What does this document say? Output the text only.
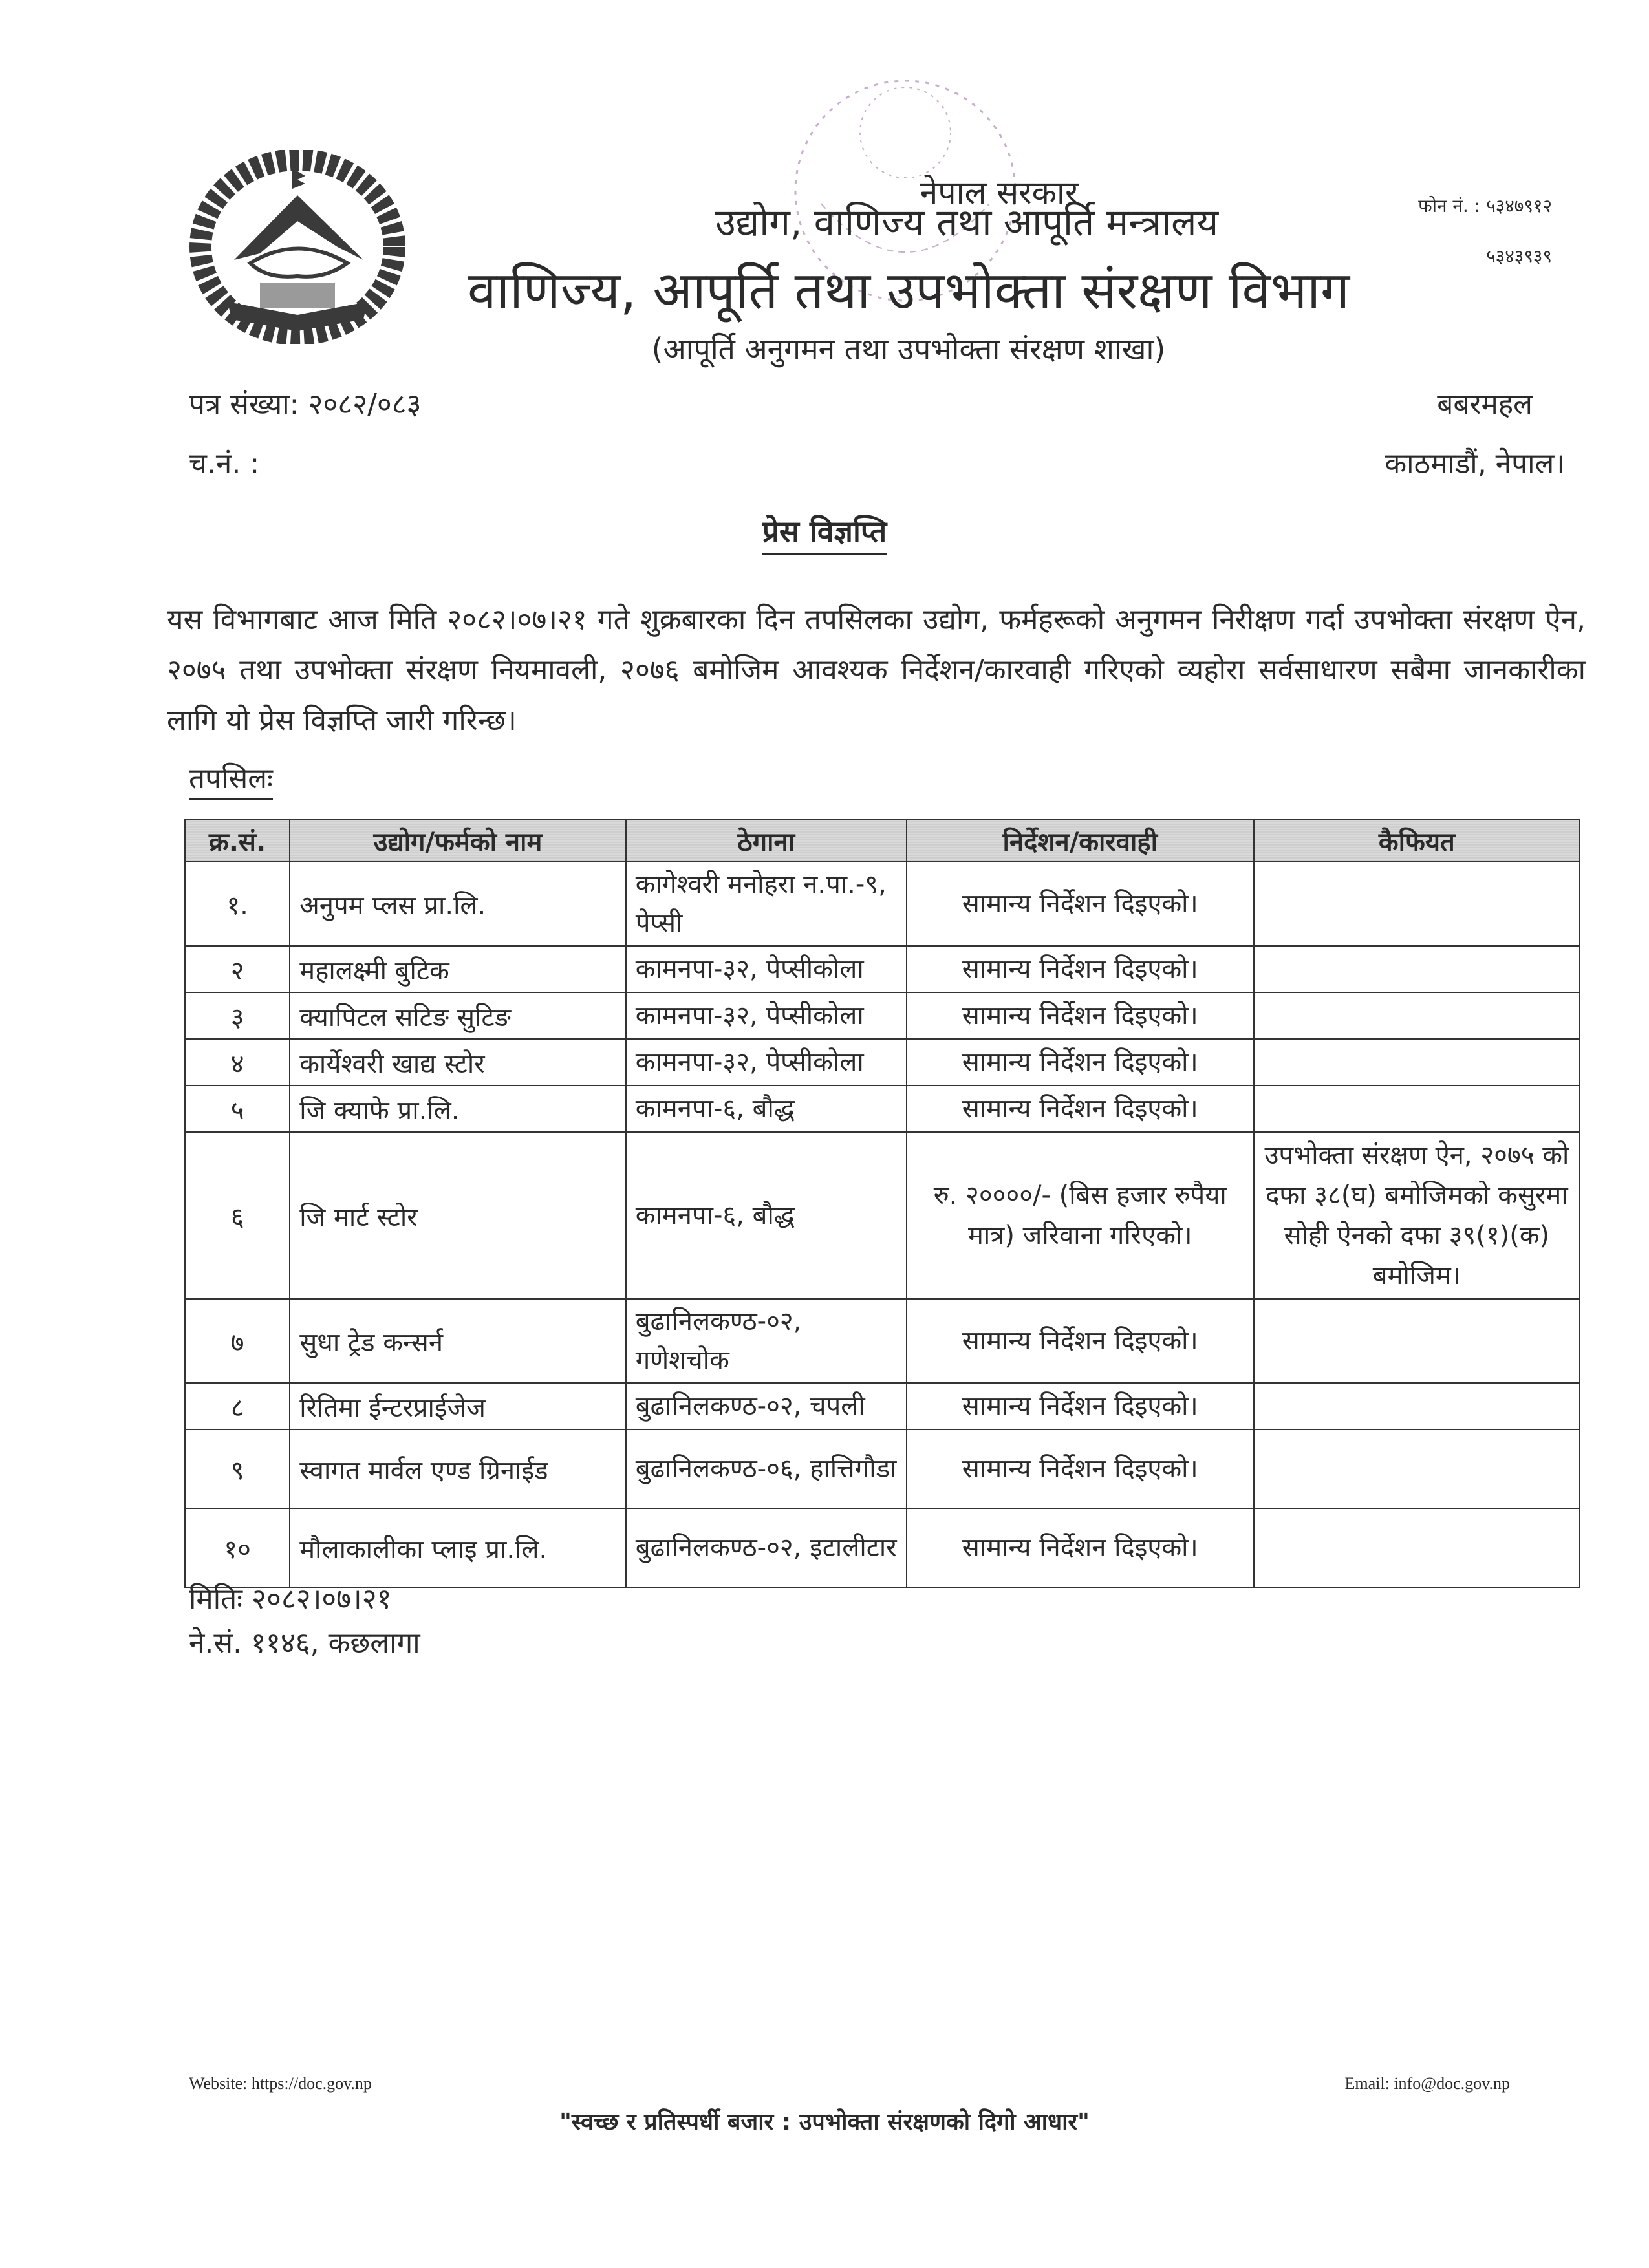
नेपाल सरकार
उद्योग, वाणिज्य तथा आपूर्ति मन्त्रालय
वाणिज्य, आपूर्ति तथा उपभोक्ता संरक्षण विभाग
(आपूर्ति अनुगमन तथा उपभोक्ता संरक्षण शाखा)
फोन नं. : ५३४७९१२
५३४३९३९
पत्र संख्या: २०८२/०८३
च.नं. :
बबरमहल
काठमाडौं, नेपाल।
प्रेस विज्ञप्ति
यस विभागबाट आज मिति २०८२।०७।२१ गते शुक्रबारका दिन तपसिलका उद्योग, फर्महरूको अनुगमन निरीक्षण गर्दा उपभोक्ता संरक्षण ऐन, २०७५ तथा उपभोक्ता संरक्षण नियमावली, २०७६ बमोजिम आवश्यक निर्देशन/कारवाही गरिएको व्यहोरा सर्वसाधारण सबैमा जानकारीका लागि यो प्रेस विज्ञप्ति जारी गरिन्छ।
तपसिलः
क्र.सं.	उद्योग/फर्मको नाम	ठेगाना	निर्देशन/कारवाही	कैफियत
१.	अनुपम प्लस प्रा.लि.	कागेश्वरी मनोहरा न.पा.-९, पेप्सी	सामान्य निर्देशन दिइएको।	
२	महालक्ष्मी बुटिक	कामनपा-३२, पेप्सीकोला	सामान्य निर्देशन दिइएको।	
३	क्यापिटल सटिङ सुटिङ	कामनपा-३२, पेप्सीकोला	सामान्य निर्देशन दिइएको।	
४	कार्येश्वरी खाद्य स्टोर	कामनपा-३२, पेप्सीकोला	सामान्य निर्देशन दिइएको।	
५	जि क्याफे प्रा.लि.	कामनपा-६, बौद्ध	सामान्य निर्देशन दिइएको।	
६	जि मार्ट स्टोर	कामनपा-६, बौद्ध	रु. २००००/- (बिस हजार रुपैया मात्र) जरिवाना गरिएको।	उपभोक्ता संरक्षण ऐन, २०७५ को दफा ३८(घ) बमोजिमको कसुरमा सोही ऐनको दफा ३९(१)(क) बमोजिम।
७	सुधा ट्रेड कन्सर्न	बुढानिलकण्ठ-०२, गणेशचोक	सामान्य निर्देशन दिइएको।	
८	रितिमा ईन्टरप्राईजेज	बुढानिलकण्ठ-०२, चपली	सामान्य निर्देशन दिइएको।	
९	स्वागत मार्वल एण्ड ग्रिनाईड	बुढानिलकण्ठ-०६, हात्तिगौडा	सामान्य निर्देशन दिइएको।	
१०	मौलाकालीका प्लाइ प्रा.लि.	बुढानिलकण्ठ-०२, इटालीटार	सामान्य निर्देशन दिइएको।	
मितिः २०८२।०७।२१
ने.सं. ११४६, कछलागा
Website: https://doc.gov.np	Email: info@doc.gov.np
"स्वच्छ र प्रतिस्पर्धी बजार : उपभोक्ता संरक्षणको दिगो आधार"
